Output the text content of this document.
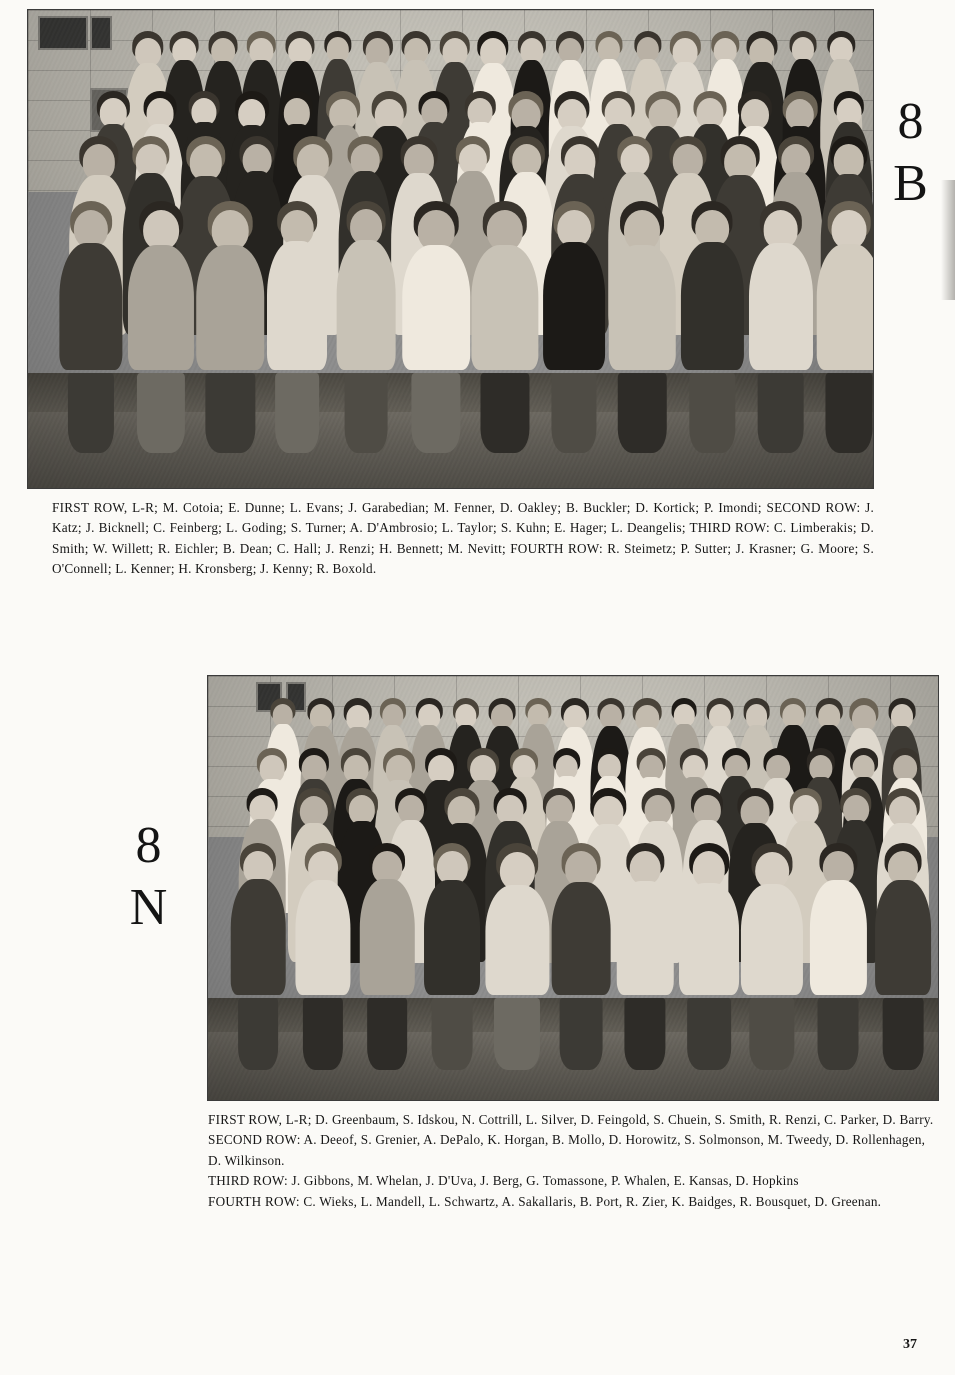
8
B

FIRST ROW, L-R; M. Cotoia; E. Dunne; L. Evans; J. Garabedian; M. Fenner, D. Oakley; B. Buckler; D. Kortick; P. Imondi; SECOND ROW: J. Katz; J. Bicknell; C. Feinberg; L. Goding; S. Turner; A. D'Ambrosio; L. Taylor; S. Kuhn; E. Hager; L. Deangelis; THIRD ROW: C. Limberakis; D. Smith; W. Willett; R. Eichler; B. Dean; C. Hall; J. Renzi; H. Bennett; M. Nevitt; FOURTH ROW: R. Steimetz; P. Sutter; J. Krasner; G. Moore; S. O'Connell; L. Kenner; H. Kronsberg; J. Kenny; R. Boxold.

8
N

FIRST ROW, L-R; D. Greenbaum, S. Idskou, N. Cottrill, L. Silver, D. Feingold, S. Chuein, S. Smith, R. Renzi, C. Parker, D. Barry.

SECOND ROW: A. Deeof, S. Grenier, A. DePalo, K. Horgan, B. Mollo, D. Horowitz, S. Solmonson, M. Tweedy, D. Rollenhagen, D. Wilkinson.

THIRD ROW: J. Gibbons, M. Whelan, J. D'Uva, J. Berg, G. Tomassone, P. Whalen, E. Kansas, D. Hopkins

FOURTH ROW: C. Wieks, L. Mandell, L. Schwartz, A. Sakallaris, B. Port, R. Zier, K. Baidges, R. Bousquet, D. Greenan.

37
